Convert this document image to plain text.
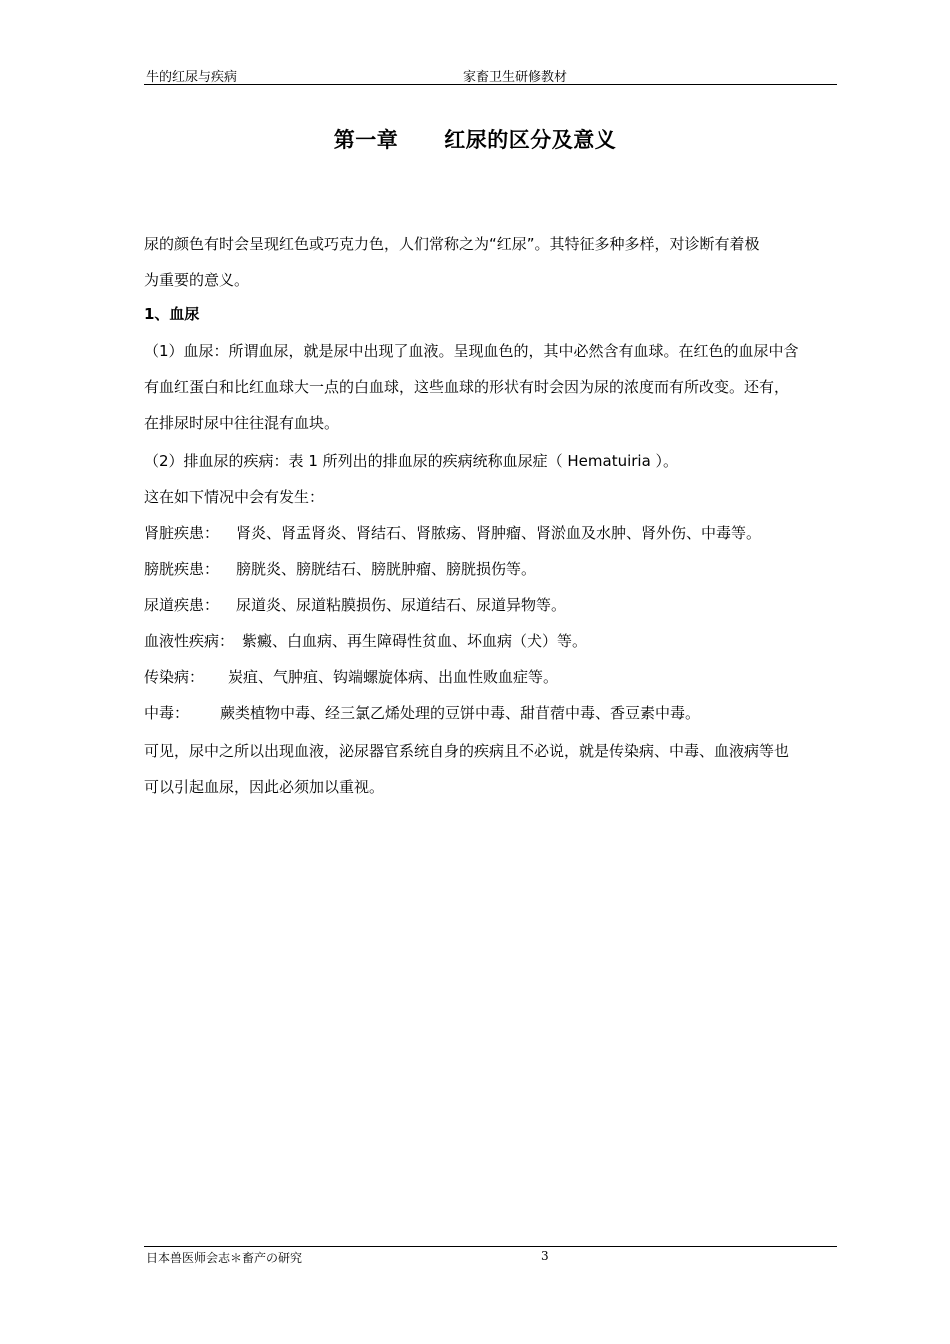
牛的红尿与疾病	家畜卫生研修教材
第一章 红尿的区分及意义

尿的颜色有时会呈现红色或巧克力色，人们常称之为“红尿”。其特征多种多样，对诊断有着极

为重要的意义。

1、血尿

（1）血尿：所谓血尿，就是尿中出现了血液。呈现血色的，其中必然含有血球。在红色的血尿中含

有血红蛋白和比红血球大一点的白血球，这些血球的形状有时会因为尿的浓度而有所改变。还有，

在排尿时尿中往往混有血块。

（2）排血尿的疾病：表 1 所列出的排血尿的疾病统称血尿症（ Hematuiria ）。
这在如下情况中会有发生：
肾脏疾患：	肾炎、肾盂肾炎、肾结石、肾脓疡、肾肿瘤、肾淤血及水肿、肾外伤、中毒等。
膀胱疾患：	膀胱炎、膀胱结石、膀胱肿瘤、膀胱损伤等。
尿道疾患：	尿道炎、尿道粘膜损伤、尿道结石、尿道异物等。
血液性疾病： 紫癜、白血病、再生障碍性贫血、坏血病（犬）等。
传染病：	炭疽、气肿疽、钩端螺旋体病、出血性败血症等。
中毒：	蕨类植物中毒、经三氯乙烯处理的豆饼中毒、甜苜蓿中毒、香豆素中毒。

可见，尿中之所以出现血液，泌尿器官系统自身的疾病且不必说，就是传染病、中毒、血液病等也

可以引起血尿，因此必须加以重视。

日本兽医师会志＊畜产の研究	3
